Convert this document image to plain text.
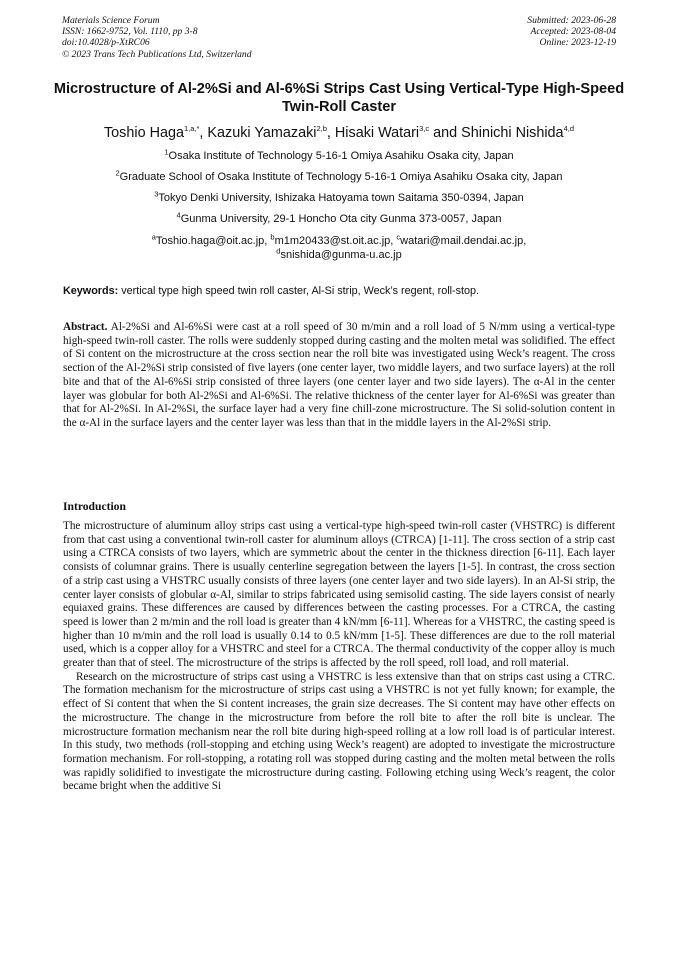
Materials Science Forum
ISSN: 1662-9752, Vol. 1110, pp 3-8
doi:10.4028/p-XtRC06
© 2023 Trans Tech Publications Ltd, Switzerland
Submitted: 2023-06-28
Accepted: 2023-08-04
Online: 2023-12-19
Microstructure of Al-2%Si and Al-6%Si Strips Cast Using Vertical-Type High-Speed Twin-Roll Caster
Toshio Haga$^{1,a,*}$, Kazuki Yamazaki$^{2,b}$, Hisaki Watari$^{3,c}$ and Shinichi Nishida$^{4,d}$
$^1$Osaka Institute of Technology 5-16-1 Omiya Asahiku Osaka city, Japan
$^2$Graduate School of Osaka Institute of Technology 5-16-1 Omiya Asahiku Osaka city, Japan
$^3$Tokyo Denki University, Ishizaka Hatoyama town Saitama 350-0394, Japan
$^4$Gunma University, 29-1 Honcho Ota city Gunma 373-0057, Japan
$^a$Toshio.haga@oit.ac.jp, $^b$m1m20433@st.oit.ac.jp, $^c$watari@mail.dendai.ac.jp,
$^d$snishida@gunma-u.ac.jp
Keywords: vertical type high speed twin roll caster, Al-Si strip, Weck’s regent, roll-stop.
Abstract. Al-2%Si and Al-6%Si were cast at a roll speed of 30 m/min and a roll load of 5 N/mm using a vertical-type high-speed twin-roll caster. The rolls were suddenly stopped during casting and the molten metal was solidified. The effect of Si content on the microstructure at the cross section near the roll bite was investigated using Weck’s reagent. The cross section of the Al-2%Si strip consisted of five layers (one center layer, two middle layers, and two surface layers) at the roll bite and that of the Al-6%Si strip consisted of three layers (one center layer and two side layers). The α-Al in the center layer was globular for both Al-2%Si and Al-6%Si. The relative thickness of the center layer for Al-6%Si was greater than that for Al-2%Si. In Al-2%Si, the surface layer had a very fine chill-zone microstructure. The Si solid-solution content in the α-Al in the surface layers and the center layer was less than that in the middle layers in the Al-2%Si strip.
Introduction

The microstructure of aluminum alloy strips cast using a vertical-type high-speed twin-roll caster (VHSTRC) is different from that cast using a conventional twin-roll caster for aluminum alloys (CTRCA) [1-11]. The cross section of a strip cast using a CTRCA consists of two layers, which are symmetric about the center in the thickness direction [6-11]. Each layer consists of columnar grains. There is usually centerline segregation between the layers [1-5]. In contrast, the cross section of a strip cast using a VHSTRC usually consists of three layers (one center layer and two side layers). In an Al-Si strip, the center layer consists of globular α-Al, similar to strips fabricated using semisolid casting. The side layers consist of nearly equiaxed grains. These differences are caused by differences between the casting processes. For a CTRCA, the casting speed is lower than 2 m/min and the roll load is greater than 4 kN/mm [6-11]. Whereas for a VHSTRC, the casting speed is higher than 10 m/min and the roll load is usually 0.14 to 0.5 kN/mm [1-5]. These differences are due to the roll material used, which is a copper alloy for a VHSTRC and steel for a CTRCA. The thermal conductivity of the copper alloy is much greater than that of steel. The microstructure of the strips is affected by the roll speed, roll load, and roll material.

Research on the microstructure of strips cast using a VHSTRC is less extensive than that on strips cast using a CTRC. The formation mechanism for the microstructure of strips cast using a VHSTRC is not yet fully known; for example, the effect of Si content that when the Si content increases, the grain size decreases. The Si content may have other effects on the microstructure. The change in the microstructure from before the roll bite to after the roll bite is unclear. The microstructure formation mechanism near the roll bite during high-speed rolling at a low roll load is of particular interest. In this study, two methods (roll-stopping and etching using Weck’s reagent) are adopted to investigate the microstructure formation mechanism. For roll-stopping, a rotating roll was stopped during casting and the molten metal between the rolls was rapidly solidified to investigate the microstructure during casting. Following etching using Weck’s reagent, the color became bright when the additive Si
